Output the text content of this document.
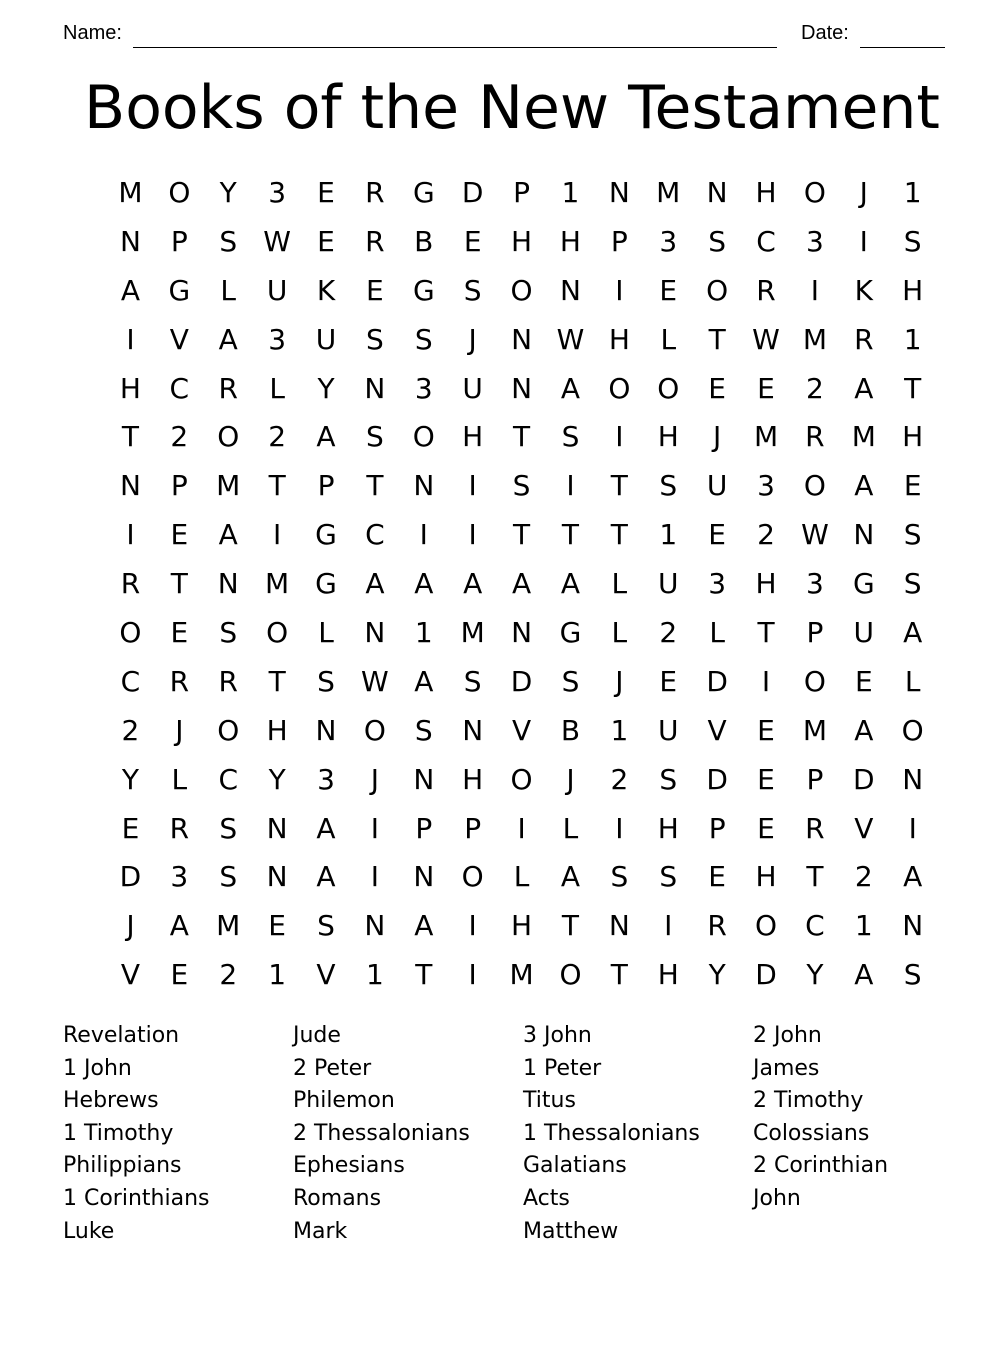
Name:	Date:
Books of the New Testament
M O	Y	3	E	R	G D	P	1	N M N H O	J	1
N	P	S W E	R	B	E	H H	P	3	S	C	3	I	S
A	G	L	U	K	E	G	S	O N	I	E	O	R	I	K	H
I	V	A	3	U	S	S	J	N W H	L	T W M R	1
H	C	R	L	Y	N	3	U	N	A	O O	E	E	2	A	T
T	2	O	2	A	S	O H	T	S	I	H	J	M R M H
N	P	M	T	P	T	N	I	S	I	T	S	U	3	O	A	E
I	E	A	I	G	C	I	I	T	T	T	1	E	2 W N	S
R	T	N M G	A	A	A	A	A	L	U	3	H	3	G	S
O	E	S	O	L	N	1 M N G	L	2	L	T	P	U	A
C	R	R	T	S W A	S	D	S	J	E	D	I	O	E	L
2	J	O H N O	S	N	V	B	1	U	V	E M A	O
Y	L	C	Y	3	J	N H O	J	2	S	D	E	P	D N
E	R	S	N	A	I	P	P	I	L	I	H	P	E	R	V	I
D	3	S	N	A	I	N O	L	A	S	S	E	H	T	2	A
J	A M E	S	N	A	I	H	T	N	I	R	O	C	1	N
V	E	2	1	V	1	T	I	M O	T	H	Y	D	Y	A	S
Revelation	Jude	3 John	2 John
1 John	2 Peter	1 Peter	James
Hebrews	Philemon	Titus	2 Timothy
1 Timothy	2 Thessalonians	1 Thessalonians	Colossians
Philippians	Ephesians	Galatians	2 Corinthian
1 Corinthians	Romans	Acts	John
Luke	Mark	Matthew
